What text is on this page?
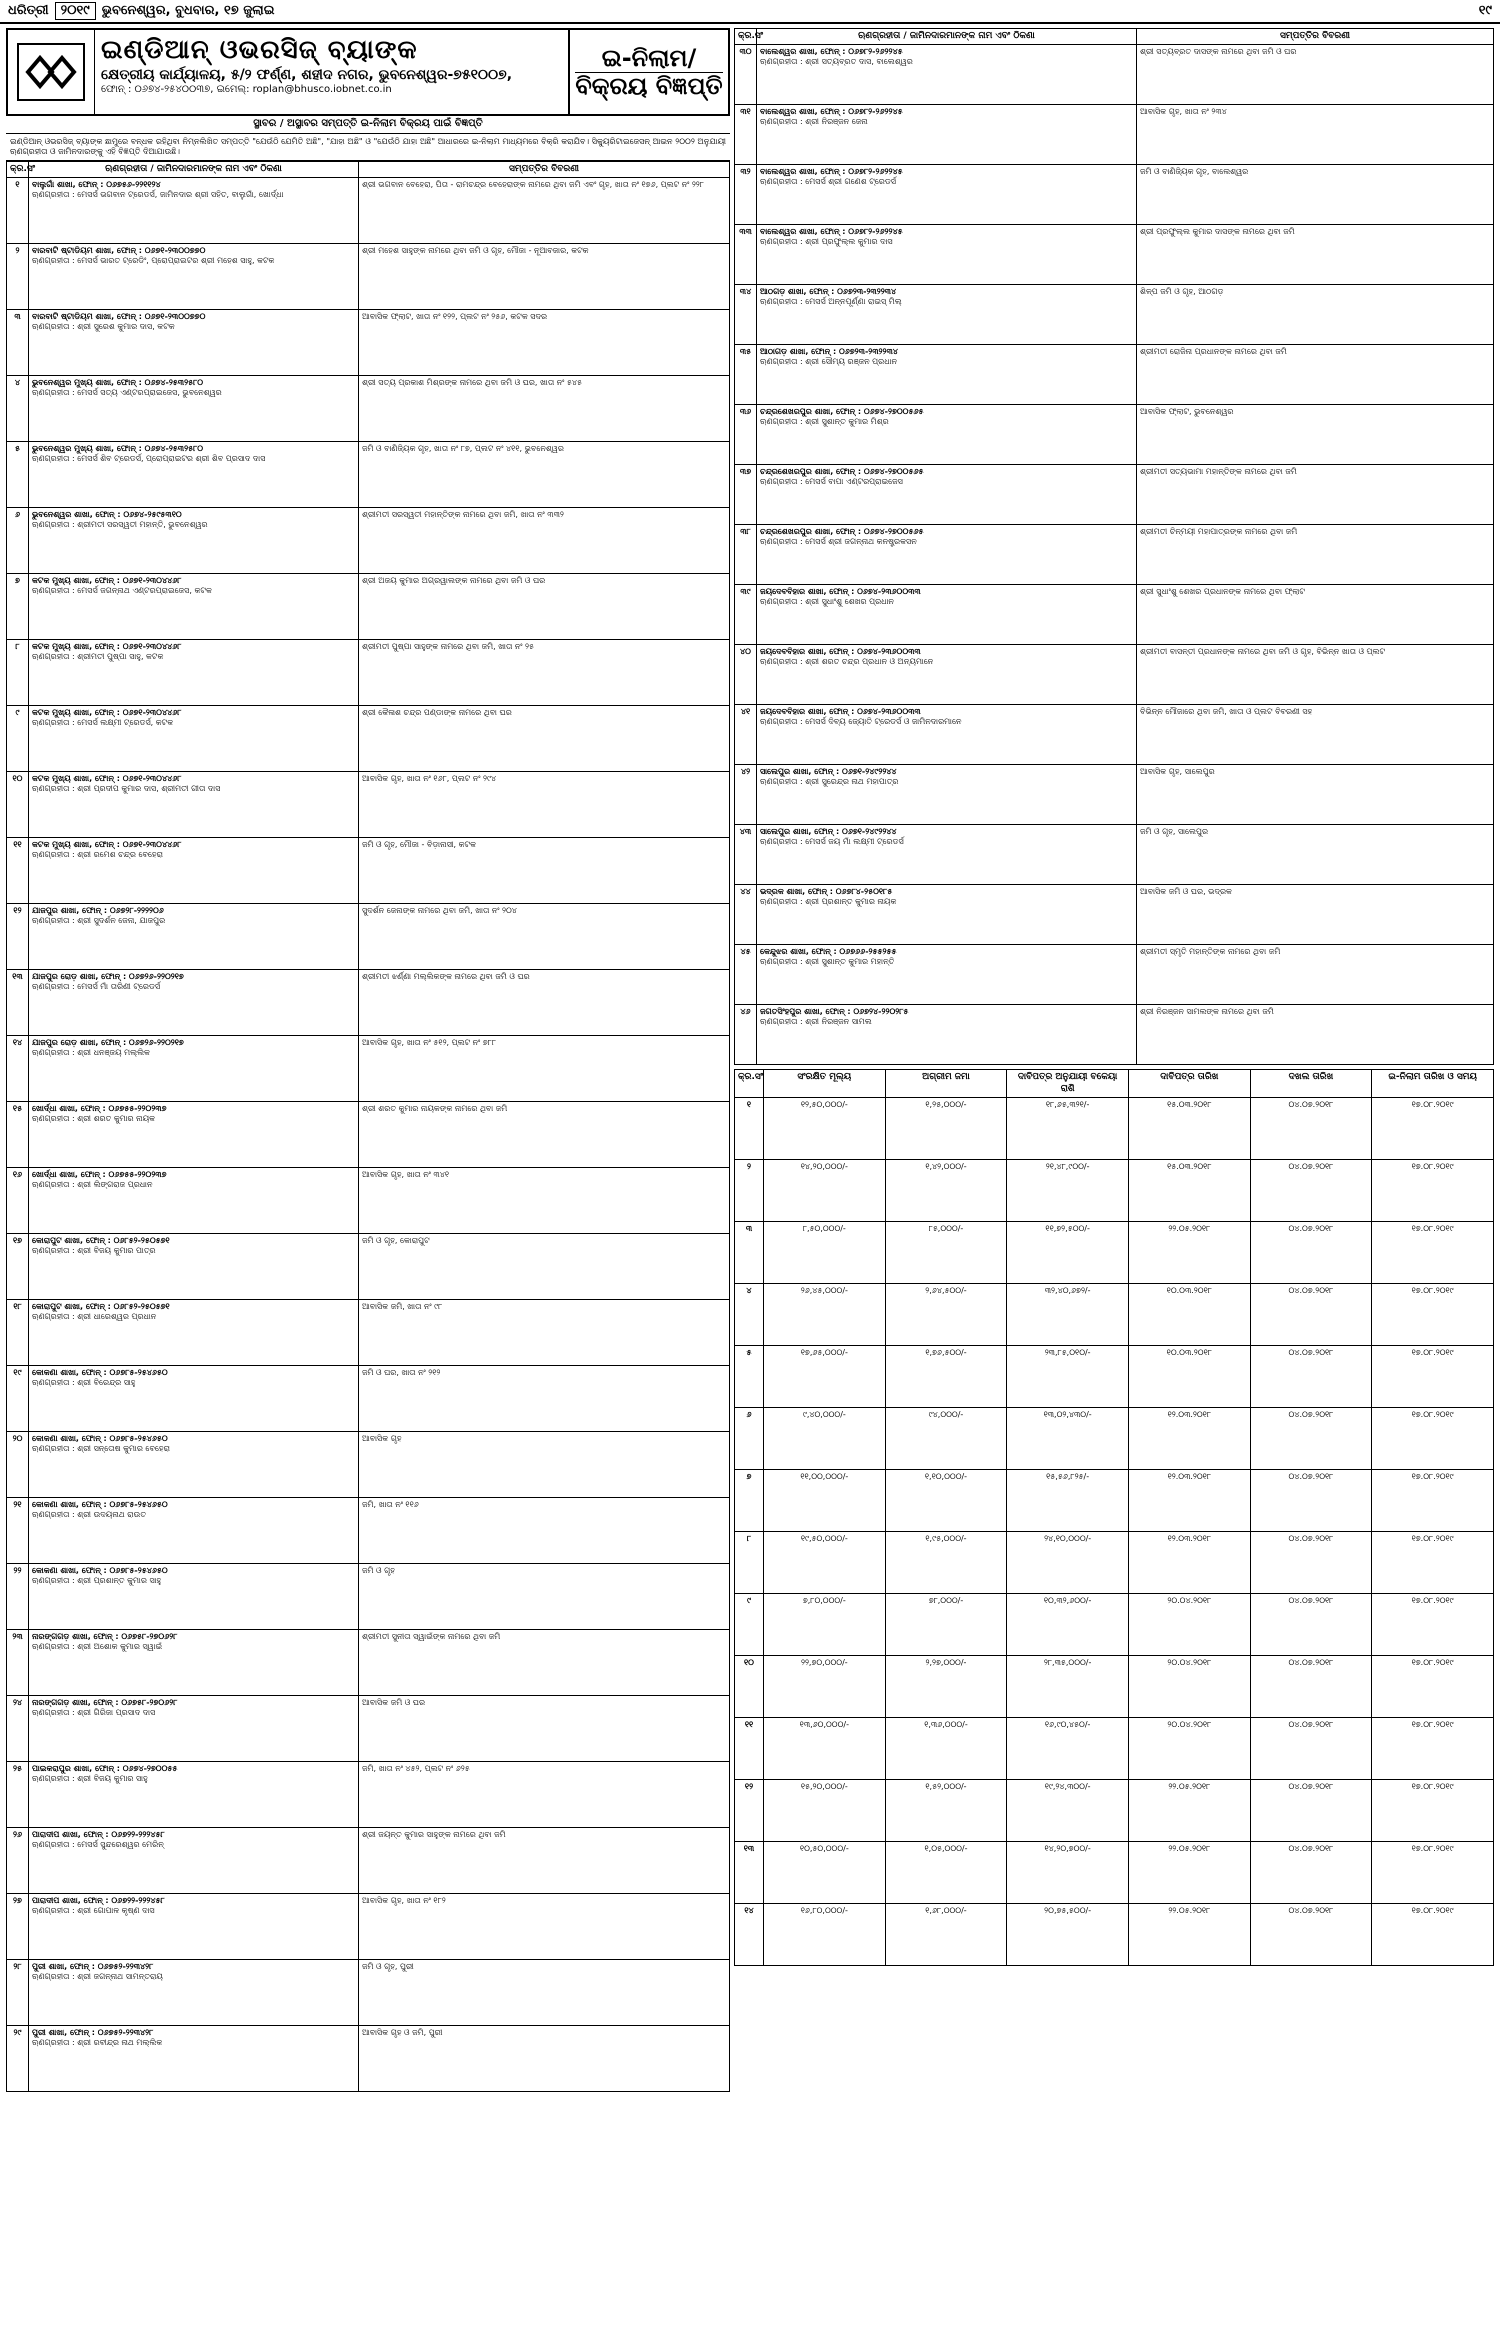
ଧରିତ୍ରୀ ୨୦୧୯ ଭୁବନେଶ୍ୱର, ବୁଧବାର, ୧୭ ଜୁଲାଇ	୧୯
ଇଣ୍ଡିଆନ୍ ଓଭରସିଜ୍ ବ୍ୟାଙ୍କ
କ୍ଷେତ୍ରୀୟ କାର୍ଯ୍ୟାଳୟ, ୫/୨ ଫର୍ଣ୍ଣ, ଶହୀଦ ନଗର, ଭୁବନେଶ୍ୱର-୭୫୧୦୦୭,
ଫୋନ୍ : ୦୬୭୪-୨୫୪୦୦୩୭, ଇମେଲ୍: roplan@bhusco.iobnet.co.in
ଇ-ନିଲାମ/
ବିକ୍ରୟ ବିଜ୍ଞପ୍ତି
ସ୍ଥାବର / ଅସ୍ଥାବର ସମ୍ପତ୍ତି ଇ-ନିଲାମ ବିକ୍ରୟ ପାଇଁ ବିଜ୍ଞପ୍ତି
ଇଣ୍ଡିଆନ୍ ଓଭରସିଜ୍ ବ୍ୟାଙ୍କ ଛାମୁରେ ବନ୍ଧକ ରହିଥିବା ନିମ୍ନଲିଖିତ ସମ୍ପତ୍ତି "ଯେଉଁଠି ଯେମିତି ଅଛି", "ଯାହା ଅଛି" ଓ "ଯେଉଁଠି ଯାହା ଅଛି" ଆଧାରରେ ଇ-ନିଲାମ ମାଧ୍ୟମରେ ବିକ୍ରି କରାଯିବ। ସିକ୍ୟୁରିଟାଇଜେସନ୍ ଆଇନ ୨୦୦୨ ଅନୁଯାୟୀ ଋଣଗ୍ରହୀତା ଓ ଜାମିନଦାରଙ୍କୁ ଏହି ବିଜ୍ଞପ୍ତି ଦିଆଯାଉଛି।
କ୍ର.ସଂ	ଋଣଗ୍ରହୀତା / ଜାମିନଦାରମାନଙ୍କ ନାମ ଏବଂ ଠିକଣା	ସମ୍ପତ୍ତିର ବିବରଣୀ
୧	ବାଲୁଗାଁ ଶାଖା, ଫୋନ୍ : ୦୬୭୫୬-୨୨୧୧୨୪
ଋଣଗ୍ରହୀତା : ମେସର୍ସ ଭଗବାନ ଟ୍ରେଡର୍ସ, ଜାମିନଦାର ଶ୍ରୀ ସହିତ, ବାଲୁଗାଁ, ଖୋର୍ଦ୍ଧା	ଶ୍ରୀ ଭଗବାନ ବେହେରା, ପିତା - ରାମଚନ୍ଦ୍ର ବେହେରାଙ୍କ ନାମରେ ଥିବା ଜମି ଏବଂ ଗୃହ, ଖାତା ନଂ ୧୭୬, ପ୍ଲଟ ନଂ ୨୨୮
୨	ବାରବାଟି ଷ୍ଟାଡିୟମ ଶାଖା, ଫୋନ୍ : ୦୬୭୧-୨୩୦୦୭୭୦
ଋଣଗ୍ରହୀତା : ମେସର୍ସ ଭାରତ ଟ୍ରେଡିଂ, ପ୍ରୋପ୍ରାଇଟର ଶ୍ରୀ ମହେଶ ସାହୁ, କଟକ	ଶ୍ରୀ ମହେଶ ସାହୁଙ୍କ ନାମରେ ଥିବା ଜମି ଓ ଗୃହ, ମୌଜା - ନୂଆବଜାର, କଟକ
୩	ବାରବାଟି ଷ୍ଟାଡିୟମ ଶାଖା, ଫୋନ୍ : ୦୬୭୧-୨୩୦୦୭୭୦
ଋଣଗ୍ରହୀତା : ଶ୍ରୀ ସୁରେଶ କୁମାର ଦାସ, କଟକ	ଆବାସିକ ଫ୍ଲାଟ, ଖାତା ନଂ ୧୨୨, ପ୍ଲଟ ନଂ ୨୫୬, କଟକ ସଦର
୪	ଭୁବନେଶ୍ୱର ମୁଖ୍ୟ ଶାଖା, ଫୋନ୍ : ୦୬୭୪-୨୫୩୨୫୮୦
ଋଣଗ୍ରହୀତା : ମେସର୍ସ ସତ୍ୟ ଏଣ୍ଟରପ୍ରାଇଜେସ, ଭୁବନେଶ୍ୱର	ଶ୍ରୀ ସତ୍ୟ ପ୍ରକାଶ ମିଶ୍ରଙ୍କ ନାମରେ ଥିବା ଜମି ଓ ଘର, ଖାତା ନଂ ୫୪୫
୫	ଭୁବନେଶ୍ୱର ମୁଖ୍ୟ ଶାଖା, ଫୋନ୍ : ୦୬୭୪-୨୫୩୨୫୮୦
ଋଣଗ୍ରହୀତା : ମେସର୍ସ ଶିବ ଟ୍ରେଡର୍ସ, ପ୍ରୋପ୍ରାଇଟର ଶ୍ରୀ ଶିବ ପ୍ରସାଦ ଦାସ	ଜମି ଓ ବାଣିଜ୍ୟିକ ଗୃହ, ଖାତା ନଂ ୮୭, ପ୍ଲଟ ନଂ ୪୧୧, ଭୁବନେଶ୍ୱର
୬	ଭୁବନେଶ୍ୱର ଶାଖା, ଫୋନ୍ : ୦୬୭୪-୨୫୯୫୩୧୦
ଋଣଗ୍ରହୀତା : ଶ୍ରୀମତୀ ସରସ୍ୱତୀ ମହାନ୍ତି, ଭୁବନେଶ୍ୱର	ଶ୍ରୀମତୀ ସରସ୍ୱତୀ ମହାନ୍ତିଙ୍କ ନାମରେ ଥିବା ଜମି, ଖାତା ନଂ ୩୩୨
୭	କଟକ ମୁଖ୍ୟ ଶାଖା, ଫୋନ୍ : ୦୬୭୧-୨୩୦୪୪୬୮
ଋଣଗ୍ରହୀତା : ମେସର୍ସ ଜଗନ୍ନାଥ ଏଣ୍ଟରପ୍ରାଇଜେସ, କଟକ	ଶ୍ରୀ ଅଜୟ କୁମାର ଅଗ୍ରୱାଲଙ୍କ ନାମରେ ଥିବା ଜମି ଓ ଘର
୮	କଟକ ମୁଖ୍ୟ ଶାଖା, ଫୋନ୍ : ୦୬୭୧-୨୩୦୪୪୬୮
ଋଣଗ୍ରହୀତା : ଶ୍ରୀମତୀ ପୁଷ୍ପା ସାହୁ, କଟକ	ଶ୍ରୀମତୀ ପୁଷ୍ପା ସାହୁଙ୍କ ନାମରେ ଥିବା ଜମି, ଖାତା ନଂ ୨୫
୯	କଟକ ମୁଖ୍ୟ ଶାଖା, ଫୋନ୍ : ୦୬୭୧-୨୩୦୪୪୬୮
ଋଣଗ୍ରହୀତା : ମେସର୍ସ ଲକ୍ଷ୍ମୀ ଟ୍ରେଡର୍ସ, କଟକ	ଶ୍ରୀ କୈଳାଶ ଚନ୍ଦ୍ର ପଣ୍ଡାଙ୍କ ନାମରେ ଥିବା ଘର
୧୦	କଟକ ମୁଖ୍ୟ ଶାଖା, ଫୋନ୍ : ୦୬୭୧-୨୩୦୪୪୬୮
ଋଣଗ୍ରହୀତା : ଶ୍ରୀ ପ୍ରଦୀପ କୁମାର ଦାସ, ଶ୍ରୀମତୀ ଗୀତା ଦାସ	ଆବାସିକ ଗୃହ, ଖାତା ନଂ ୧୬୮, ପ୍ଲଟ ନଂ ୨୯୪
୧୧	କଟକ ମୁଖ୍ୟ ଶାଖା, ଫୋନ୍ : ୦୬୭୧-୨୩୦୪୪୬୮
ଋଣଗ୍ରହୀତା : ଶ୍ରୀ ରମେଶ ଚନ୍ଦ୍ର ବେହେରା	ଜମି ଓ ଗୃହ, ମୌଜା - ବିଡ଼ାନାସୀ, କଟକ
୧୨	ଯାଜପୁର ଶାଖା, ଫୋନ୍ : ୦୬୭୨୮-୨୨୨୨୦୬
ଋଣଗ୍ରହୀତା : ଶ୍ରୀ ସୁଦର୍ଶନ ଜେନା, ଯାଜପୁର	ସୁଦର୍ଶନ ଜେନାଙ୍କ ନାମରେ ଥିବା ଜମି, ଖାତା ନଂ ୨୦୪
୧୩	ଯାଜପୁର ରୋଡ଼ ଶାଖା, ଫୋନ୍ : ୦୬୭୨୬-୨୨୦୨୧୭
ଋଣଗ୍ରହୀତା : ମେସର୍ସ ମାଁ ତାରିଣୀ ଟ୍ରେଡର୍ସ	ଶ୍ରୀମତୀ ଝର୍ଣ୍ଣା ମଲ୍ଲିକଙ୍କ ନାମରେ ଥିବା ଜମି ଓ ଘର
୧୪	ଯାଜପୁର ରୋଡ଼ ଶାଖା, ଫୋନ୍ : ୦୬୭୨୬-୨୨୦୨୧୭
ଋଣଗ୍ରହୀତା : ଶ୍ରୀ ଧନଞ୍ଜୟ ମଲ୍ଲିକ	ଆବାସିକ ଗୃହ, ଖାତା ନଂ ୫୧୨, ପ୍ଲଟ ନଂ ୭୮୮
୧୫	ଖୋର୍ଦ୍ଧା ଶାଖା, ଫୋନ୍ : ୦୬୭୫୫-୨୨୦୨୩୭
ଋଣଗ୍ରହୀତା : ଶ୍ରୀ ଶରତ କୁମାର ନାୟକ	ଶ୍ରୀ ଶରତ କୁମାର ନାୟକଙ୍କ ନାମରେ ଥିବା ଜମି
୧୬	ଖୋର୍ଦ୍ଧା ଶାଖା, ଫୋନ୍ : ୦୬୭୫୫-୨୨୦୨୩୭
ଋଣଗ୍ରହୀତା : ଶ୍ରୀ ଲିଙ୍ଗରାଜ ପ୍ରଧାନ	ଆବାସିକ ଗୃହ, ଖାତା ନଂ ୩୪୧
୧୭	କୋରାପୁଟ ଶାଖା, ଫୋନ୍ : ୦୬୮୫୨-୨୫୦୫୭୧
ଋଣଗ୍ରହୀତା : ଶ୍ରୀ ବିଜୟ କୁମାର ପାତ୍ର	ଜମି ଓ ଗୃହ, କୋରାପୁଟ
୧୮	କୋରାପୁଟ ଶାଖା, ଫୋନ୍ : ୦୬୮୫୨-୨୫୦୫୭୧
ଋଣଗ୍ରହୀତା : ଶ୍ରୀ ଧାରେଶ୍ୱର ପ୍ରଧାନ	ଆବାସିକ ଜମି, ଖାତା ନଂ ୯୮
୧୯	କୋକଣା ଶାଖା, ଫୋନ୍ : ୦୬୭୮୫-୨୫୪୬୫୦
ଋଣଗ୍ରହୀତା : ଶ୍ରୀ ବିରେନ୍ଦ୍ର ସାହୁ	ଜମି ଓ ଘର, ଖାତା ନଂ ୨୧୨
୨୦	କୋକଣା ଶାଖା, ଫୋନ୍ : ୦୬୭୮୫-୨୫୪୬୫୦
ଋଣଗ୍ରହୀତା : ଶ୍ରୀ ସନ୍ତୋଷ କୁମାର ବେହେରା	ଆବାସିକ ଗୃହ
୨୧	କୋକଣା ଶାଖା, ଫୋନ୍ : ୦୬୭୮୫-୨୫୪୬୫୦
ଋଣଗ୍ରହୀତା : ଶ୍ରୀ ଉଦୟନାଥ ରାଉତ	ଜମି, ଖାତା ନଂ ୧୧୬
୨୨	କୋକଣା ଶାଖା, ଫୋନ୍ : ୦୬୭୮୫-୨୫୪୬୫୦
ଋଣଗ୍ରହୀତା : ଶ୍ରୀ ପ୍ରଶାନ୍ତ କୁମାର ସାହୁ	ଜମି ଓ ଗୃହ
୨୩	ନାରଙ୍ଗଗଡ଼ ଶାଖା, ଫୋନ୍ : ୦୬୭୫୮-୨୭୦୬୨୮
ଋଣଗ୍ରହୀତା : ଶ୍ରୀ ଅଶୋକ କୁମାର ସ୍ୱାଇଁ	ଶ୍ରୀମତୀ ସୁନୀତା ସ୍ୱାଇଁଙ୍କ ନାମରେ ଥିବା ଜମି
୨୪	ନାରଙ୍ଗଗଡ଼ ଶାଖା, ଫୋନ୍ : ୦୬୭୫୮-୨୭୦୬୨୮
ଋଣଗ୍ରହୀତା : ଶ୍ରୀ ଗିରିଜା ପ୍ରସାଦ ଦାସ	ଆବାସିକ ଜମି ଓ ଘର
୨୫	ପାଇକରାପୁର ଶାଖା, ଫୋନ୍ : ୦୬୭୪-୨୭୦୦୫୫
ଋଣଗ୍ରହୀତା : ଶ୍ରୀ ବିଜୟ କୁମାର ସାହୁ	ଜମି, ଖାତା ନଂ ୪୫୨, ପ୍ଲଟ ନଂ ୬୨୫
୨୬	ପାରାଦୀପ ଶାଖା, ଫୋନ୍ : ୦୬୭୨୨-୨୨୨୪୫୮
ଋଣଗ୍ରହୀତା : ମେସର୍ସ ସୁନ୍ଦରେଶ୍ୱର ମେରିନ୍	ଶ୍ରୀ ଜୟନ୍ତ କୁମାର ସାହୁଙ୍କ ନାମରେ ଥିବା ଜମି
୨୭	ପାରାଦୀପ ଶାଖା, ଫୋନ୍ : ୦୬୭୨୨-୨୨୨୪୫୮
ଋଣଗ୍ରହୀତା : ଶ୍ରୀ ଗୋପାଳ କୃଷ୍ଣ ଦାସ	ଆବାସିକ ଗୃହ, ଖାତା ନଂ ୧୮୨
୨୮	ପୁରୀ ଶାଖା, ଫୋନ୍ : ୦୬୭୫୨-୨୨୩୪୨୮
ଋଣଗ୍ରହୀତା : ଶ୍ରୀ ଜଗନ୍ନାଥ ସାମନ୍ତରାୟ	ଜମି ଓ ଗୃହ, ପୁରୀ
୨୯	ପୁରୀ ଶାଖା, ଫୋନ୍ : ୦୬୭୫୨-୨୨୩୪୨୮
ଋଣଗ୍ରହୀତା : ଶ୍ରୀ ରବୀନ୍ଦ୍ର ନାଥ ମଲ୍ଲିକ	ଆବାସିକ ଗୃହ ଓ ଜମି, ପୁରୀ
କ୍ର.ସଂ	ଋଣଗ୍ରହୀତା / ଜାମିନଦାରମାନଙ୍କ ନାମ ଏବଂ ଠିକଣା	ସମ୍ପତ୍ତିର ବିବରଣୀ
୩୦	ବାଲେଶ୍ୱର ଶାଖା, ଫୋନ୍ : ୦୬୭୮୨-୨୬୨୨୪୫
ଋଣଗ୍ରହୀତା : ଶ୍ରୀ ସତ୍ୟବ୍ରତ ଦାସ, ବାଲେଶ୍ୱର	ଶ୍ରୀ ସତ୍ୟବ୍ରତ ଦାସଙ୍କ ନାମରେ ଥିବା ଜମି ଓ ଘର
୩୧	ବାଲେଶ୍ୱର ଶାଖା, ଫୋନ୍ : ୦୬୭୮୨-୨୬୨୨୪୫
ଋଣଗ୍ରହୀତା : ଶ୍ରୀ ନିରଞ୍ଜନ ଜେନା	ଆବାସିକ ଗୃହ, ଖାତା ନଂ ୨୩୪
୩୨	ବାଲେଶ୍ୱର ଶାଖା, ଫୋନ୍ : ୦୬୭୮୨-୨୬୨୨୪୫
ଋଣଗ୍ରହୀତା : ମେସର୍ସ ଶ୍ରୀ ଗଣେଶ ଟ୍ରେଡର୍ସ	ଜମି ଓ ବାଣିଜ୍ୟିକ ଗୃହ, ବାଲେଶ୍ୱର
୩୩	ବାଲେଶ୍ୱର ଶାଖା, ଫୋନ୍ : ୦୬୭୮୨-୨୬୨୨୪୫
ଋଣଗ୍ରହୀତା : ଶ୍ରୀ ପ୍ରଫୁଲ୍ଲ କୁମାର ଦାସ	ଶ୍ରୀ ପ୍ରଫୁଲ୍ଲ କୁମାର ଦାସଙ୍କ ନାମରେ ଥିବା ଜମି
୩୪	ଆଠଗଡ଼ ଶାଖା, ଫୋନ୍ : ୦୬୭୨୩-୨୩୨୨୩୪
ଋଣଗ୍ରହୀତା : ମେସର୍ସ ଅନ୍ନପୂର୍ଣ୍ଣା ରାଇସ୍ ମିଲ୍	ଶିଳ୍ପ ଜମି ଓ ଗୃହ, ଆଠଗଡ଼
୩୫	ଆଠାଗଡ଼ ଶାଖା, ଫୋନ୍ : ୦୬୭୨୩-୨୩୨୨୩୪
ଋଣଗ୍ରହୀତା : ଶ୍ରୀ ସୌମ୍ୟ ରଞ୍ଜନ ପ୍ରଧାନ	ଶ୍ରୀମତୀ ରୋଜିନା ପ୍ରଧାନଙ୍କ ନାମରେ ଥିବା ଜମି
୩୬	ଚନ୍ଦ୍ରଶେଖରପୁର ଶାଖା, ଫୋନ୍ : ୦୬୭୪-୨୭୦୦୫୬୫
ଋଣଗ୍ରହୀତା : ଶ୍ରୀ ସୁଶାନ୍ତ କୁମାର ମିଶ୍ର	ଆବାସିକ ଫ୍ଲାଟ, ଭୁବନେଶ୍ୱର
୩୭	ଚନ୍ଦ୍ରଶେଖରପୁର ଶାଖା, ଫୋନ୍ : ୦୬୭୪-୨୭୦୦୫୬୫
ଋଣଗ୍ରହୀତା : ମେସର୍ସ ବାପା ଏଣ୍ଟରପ୍ରାଇଜେସ	ଶ୍ରୀମତୀ ସତ୍ୟଭାମା ମହାନ୍ତିଙ୍କ ନାମରେ ଥିବା ଜମି
୩୮	ଚନ୍ଦ୍ରଶେଖରପୁର ଶାଖା, ଫୋନ୍ : ୦୬୭୪-୨୭୦୦୫୬୫
ଋଣଗ୍ରହୀତା : ମେସର୍ସ ଶ୍ରୀ ଜଗନ୍ନାଥ କନଷ୍ଟ୍ରକସନ	ଶ୍ରୀମତୀ ଚିନ୍ମୟୀ ମହାପାତ୍ରଙ୍କ ନାମରେ ଥିବା ଜମି
୩୯	ଜୟଦେବବିହାର ଶାଖା, ଫୋନ୍ : ୦୬୭୪-୨୩୬୦୦୩୩
ଋଣଗ୍ରହୀତା : ଶ୍ରୀ ସୁଧାଂଶୁ ଶେଖର ପ୍ରଧାନ	ଶ୍ରୀ ସୁଧାଂଶୁ ଶେଖର ପ୍ରଧାନଙ୍କ ନାମରେ ଥିବା ଫ୍ଲାଟ
୪୦	ଜୟଦେବବିହାର ଶାଖା, ଫୋନ୍ : ୦୬୭୪-୨୩୬୦୦୩୩
ଋଣଗ୍ରହୀତା : ଶ୍ରୀ ଶରତ ଚନ୍ଦ୍ର ପ୍ରଧାନ ଓ ଅନ୍ୟମାନେ	ଶ୍ରୀମତୀ ବାସନ୍ତୀ ପ୍ରଧାନଙ୍କ ନାମରେ ଥିବା ଜମି ଓ ଗୃହ, ବିଭିନ୍ନ ଖାତା ଓ ପ୍ଲଟ
୪୧	ଜୟଦେବବିହାର ଶାଖା, ଫୋନ୍ : ୦୬୭୪-୨୩୬୦୦୩୩
ଋଣଗ୍ରହୀତା : ମେସର୍ସ ଦିବ୍ୟ ଜ୍ୟୋତି ଟ୍ରେଡର୍ସ ଓ ଜାମିନଦାରମାନେ	ବିଭିନ୍ନ ମୌଜାରେ ଥିବା ଜମି, ଖାତା ଓ ପ୍ଲଟ ବିବରଣୀ ସହ
୪୨	ସାଲେପୁର ଶାଖା, ଫୋନ୍ : ୦୬୭୧-୨୪୯୨୨୪୪
ଋଣଗ୍ରହୀତା : ଶ୍ରୀ ସୁରେନ୍ଦ୍ର ନାଥ ମହାପାତ୍ର	ଆବାସିକ ଗୃହ, ସାଲେପୁର
୪୩	ସାଲେପୁର ଶାଖା, ଫୋନ୍ : ୦୬୭୧-୨୪୯୨୨୪୪
ଋଣଗ୍ରହୀତା : ମେସର୍ସ ଜୟ ମାଁ ଲକ୍ଷ୍ମୀ ଟ୍ରେଡର୍ସ	ଜମି ଓ ଗୃହ, ସାଲେପୁର
୪୪	ଭଦ୍ରକ ଶାଖା, ଫୋନ୍ : ୦୬୭୮୪-୨୫୦୧୮୫
ଋଣଗ୍ରହୀତା : ଶ୍ରୀ ପ୍ରଶାନ୍ତ କୁମାର ନାୟକ	ଆବାସିକ ଜମି ଓ ଘର, ଭଦ୍ରକ
୪୫	କେନ୍ଦୁଝର ଶାଖା, ଫୋନ୍ : ୦୬୭୬୬-୨୫୫୨୫୫
ଋଣଗ୍ରହୀତା : ଶ୍ରୀ ସୁଶାନ୍ତ କୁମାର ମହାନ୍ତି	ଶ୍ରୀମତୀ ସ୍ମୃତି ମହାନ୍ତିଙ୍କ ନାମରେ ଥିବା ଜମି
୪୬	ଜଗତସିଂହପୁର ଶାଖା, ଫୋନ୍ : ୦୬୭୨୪-୨୨୦୨୮୫
ଋଣଗ୍ରହୀତା : ଶ୍ରୀ ନିରଞ୍ଜନ ସାମଲ	ଶ୍ରୀ ନିରଞ୍ଜନ ସାମଲଙ୍କ ନାମରେ ଥିବା ଜମି
କ୍ର.ସଂ	ସଂରକ୍ଷିତ ମୂଲ୍ୟ	ଅଗ୍ରୀମ ଜମା	ଦାବିପତ୍ର ଅନୁଯାୟୀ ବକେୟା ରାଶି	ଦାବିପତ୍ର ତାରିଖ	ଦଖଲ ତାରିଖ	ଇ-ନିଲାମ ତାରିଖ ଓ ସମୟ
୧	୧୨,୫୦,୦୦୦/-	୧,୨୫,୦୦୦/-	୧୮,୬୫,୩୨୧/-	୧୫.୦୩.୨୦୧୮	୦୪.୦୭.୨୦୧୮	୧୭.୦୮.୨୦୧୯
୨	୧୪,୨୦,୦୦୦/-	୧,୪୨,୦୦୦/-	୨୧,୪୮,୯୦୦/-	୧୫.୦୩.୨୦୧୮	୦୪.୦୭.୨୦୧୮	୧୭.୦୮.୨୦୧୯
୩	୮,୫୦,୦୦୦/-	୮୫,୦୦୦/-	୧୧,୭୨,୫୦୦/-	୨୨.୦୫.୨୦୧୮	୦୪.୦୭.୨୦୧୮	୧୭.୦୮.୨୦୧୯
୪	୨୬,୪୫,୦୦୦/-	୨,୬୪,୫୦୦/-	୩୨,୪୦,୬୭୨/-	୧୦.୦୩.୨୦୧୮	୦୪.୦୭.୨୦୧୮	୧୭.୦୮.୨୦୧୯
୫	୧୭,୬୫,୦୦୦/-	୧,୭୬,୫୦୦/-	୨୩,୮୫,୦୧୦/-	୧୦.୦୩.୨୦୧୮	୦୪.୦୭.୨୦୧୮	୧୭.୦୮.୨୦୧୯
୬	୯,୪୦,୦୦୦/-	୯୪,୦୦୦/-	୧୩,୦୨,୪୩୦/-	୧୨.୦୩.୨୦୧୮	୦୪.୦୭.୨୦୧୮	୧୭.୦୮.୨୦୧୯
୭	୧୧,୦୦,୦୦୦/-	୧,୧୦,୦୦୦/-	୧୫,୫୬,୮୨୫/-	୧୨.୦୩.୨୦୧୮	୦୪.୦୭.୨୦୧୮	୧୭.୦୮.୨୦୧୯
୮	୧୯,୫୦,୦୦୦/-	୧,୯୫,୦୦୦/-	୨୪,୧୦,୦୦୦/-	୧୨.୦୩.୨୦୧୮	୦୪.୦୭.୨୦୧୮	୧୭.୦୮.୨୦୧୯
୯	୭,୮୦,୦୦୦/-	୭୮,୦୦୦/-	୧୦,୩୨,୬୦୦/-	୨୦.୦୪.୨୦୧୮	୦୪.୦୭.୨୦୧୮	୧୭.୦୮.୨୦୧୯
୧୦	୨୨,୭୦,୦୦୦/-	୨,୨୭,୦୦୦/-	୨୮,୩୫,୦୦୦/-	୨୦.୦୪.୨୦୧୮	୦୪.୦୭.୨୦୧୮	୧୭.୦୮.୨୦୧୯
୧୧	୧୩,୬୦,୦୦୦/-	୧,୩୬,୦୦୦/-	୧୬,୯୦,୪୫୦/-	୨୦.୦୪.୨୦୧୮	୦୪.୦୭.୨୦୧୮	୧୭.୦୮.୨୦୧୯
୧୨	୧୫,୨୦,୦୦୦/-	୧,୫୨,୦୦୦/-	୧୯,୨୪,୩୦୦/-	୨୨.୦୫.୨୦୧୮	୦୪.୦୭.୨୦୧୮	୧୭.୦୮.୨୦୧୯
୧୩	୧୦,୫୦,୦୦୦/-	୧,୦୫,୦୦୦/-	୧୪,୨୦,୭୦୦/-	୨୨.୦୫.୨୦୧୮	୦୪.୦୭.୨୦୧୮	୧୭.୦୮.୨୦୧୯
୧୪	୧୬,୮୦,୦୦୦/-	୧,୬୮,୦୦୦/-	୨୦,୭୫,୫୦୦/-	୨୨.୦୫.୨୦୧୮	୦୪.୦୭.୨୦୧୮	୧୭.୦୮.୨୦୧୯
